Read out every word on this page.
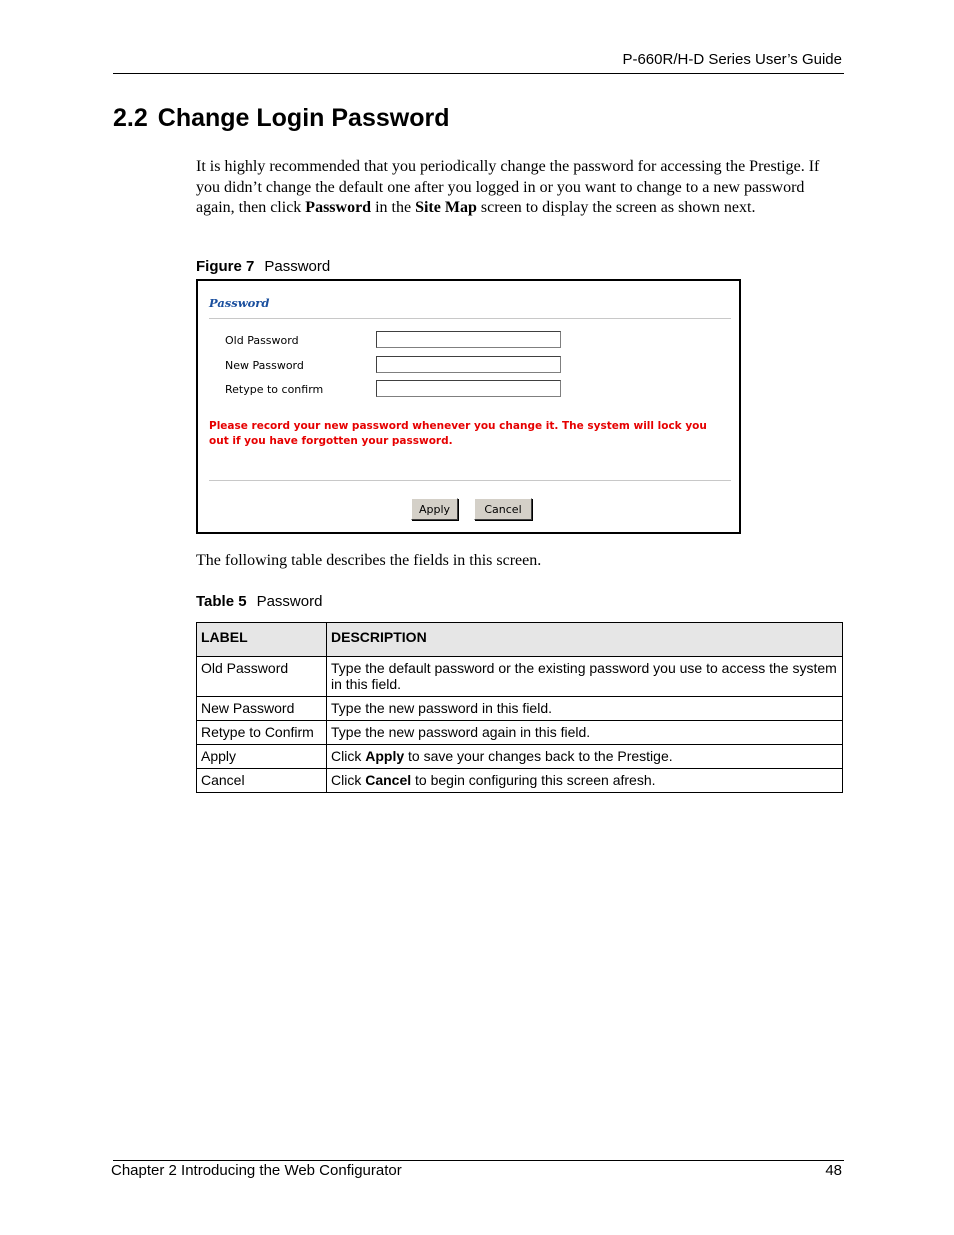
P-660R/H-D Series User’s Guide
2.2 Change Login Password
It is highly recommended that you periodically change the password for accessing the Prestige. If you didn’t change the default one after you logged in or you want to change to a new password again, then click Password in the Site Map screen to display the screen as shown next.
Figure 7 Password
Password
Old Password
New Password
Retype to confirm
Please record your new password whenever you change it. The system will lock you out if you have forgotten your password.
Apply	Cancel
The following table describes the fields in this screen.
Table 5 Password
LABEL	DESCRIPTION
Old Password	Type the default password or the existing password you use to access the system in this field.
New Password	Type the new password in this field.
Retype to Confirm	Type the new password again in this field.
Apply	Click Apply to save your changes back to the Prestige.
Cancel	Click Cancel to begin configuring this screen afresh.
Chapter 2 Introducing the Web Configurator	48
